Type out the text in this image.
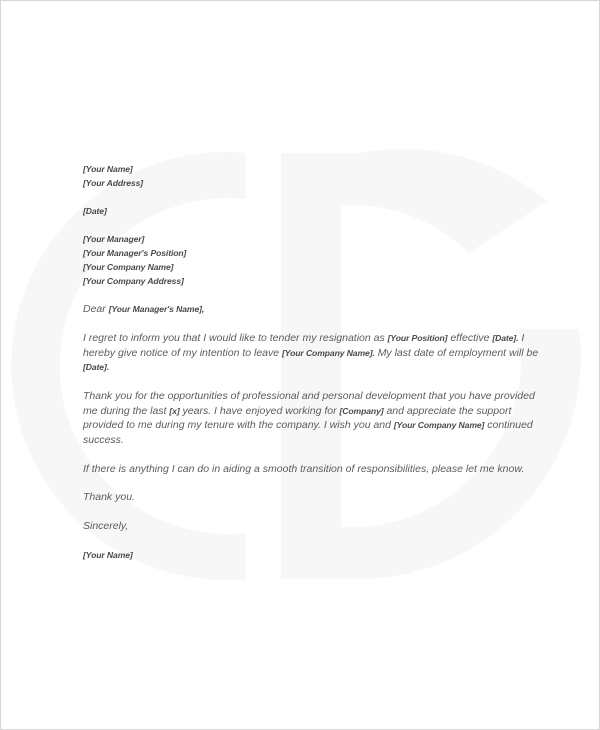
[Your Name]
[Your Address]
[Date]
[Your Manager]
[Your Manager's Position]
[Your Company Name]
[Your Company Address]
Dear [Your Manager's Name],
I regret to inform you that I would like to tender my resignation as [Your Position] effective [Date]. I hereby give notice of my intention to leave [Your Company Name]. My last date of employment will be [Date].
Thank you for the opportunities of professional and personal development that you have provided me during the last [x] years. I have enjoyed working for [Company] and appreciate the support provided to me during my tenure with the company. I wish you and [Your Company Name] continued success.
If there is anything I can do in aiding a smooth transition of responsibilities, please let me know.
Thank you.
Sincerely,
[Your Name]
